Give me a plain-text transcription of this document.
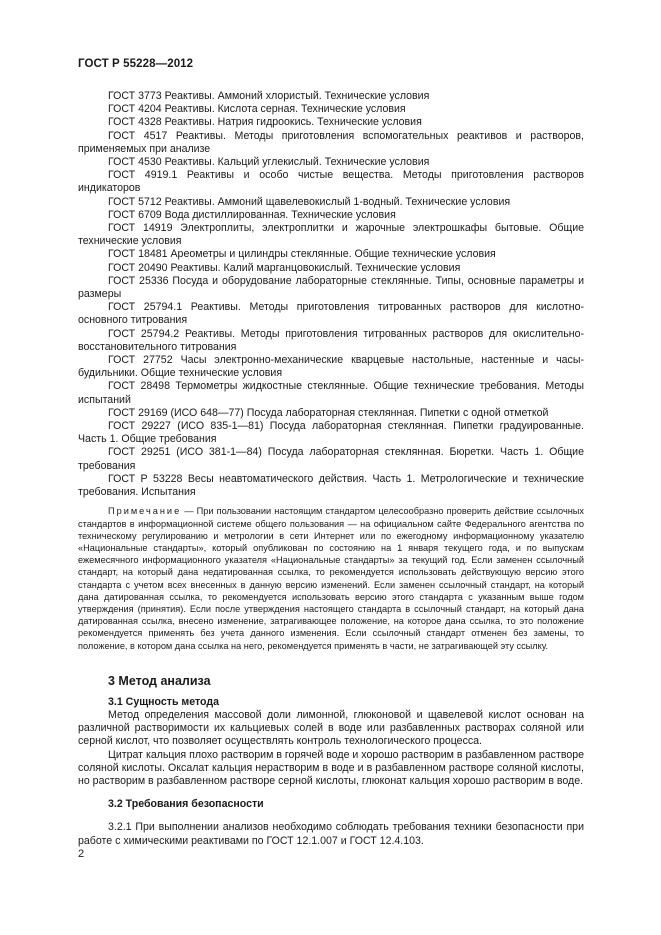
ГОСТ Р 55228—2012

ГОСТ 3773 Реактивы. Аммоний хлористый. Технические условия

ГОСТ 4204 Реактивы. Кислота серная. Технические условия

ГОСТ 4328 Реактивы. Натрия гидроокись. Технические условия

ГОСТ 4517 Реактивы. Методы приготовления вспомогательных реактивов и растворов, применяемых при анализе

ГОСТ 4530 Реактивы. Кальций углекислый. Технические условия

ГОСТ 4919.1 Реактивы и особо чистые вещества. Методы приготовления растворов индикаторов

ГОСТ 5712 Реактивы. Аммоний щавелевокислый 1-водный. Технические условия

ГОСТ 6709 Вода дистиллированная. Технические условия

ГОСТ 14919 Электроплиты, электроплитки и жарочные электрошкафы бытовые. Общие технические условия

ГОСТ 18481 Ареометры и цилиндры стеклянные. Общие технические условия

ГОСТ 20490 Реактивы. Калий марганцовокислый. Технические условия

ГОСТ 25336 Посуда и оборудование лабораторные стеклянные. Типы, основные параметры и размеры

ГОСТ 25794.1 Реактивы. Методы приготовления титрованных растворов для кислотно-основного титрования

ГОСТ 25794.2 Реактивы. Методы приготовления титрованных растворов для окислительно-восстановительного титрования

ГОСТ 27752 Часы электронно-механические кварцевые настольные, настенные и часы-будильники. Общие технические условия

ГОСТ 28498 Термометры жидкостные стеклянные. Общие технические требования. Методы испытаний

ГОСТ 29169 (ИСО 648—77) Посуда лабораторная стеклянная. Пипетки с одной отметкой

ГОСТ 29227 (ИСО 835-1—81) Посуда лабораторная стеклянная. Пипетки градуированные. Часть 1. Общие требования

ГОСТ 29251 (ИСО 381-1—84) Посуда лабораторная стеклянная. Бюретки. Часть 1. Общие требования

ГОСТ Р 53228 Весы неавтоматического действия. Часть 1. Метрологические и технические требования. Испытания

Примечание — При пользовании настоящим стандартом целесообразно проверить действие ссылочных стандартов в информационной системе общего пользования — на официальном сайте Федерального агентства по техническому регулированию и метрологии в сети Интернет или по ежегодному информационному указателю «Национальные стандарты», который опубликован по состоянию на 1 января текущего года, и по выпускам ежемесячного информационного указателя «Национальные стандарты» за текущий год. Если заменен ссылочный стандарт, на который дана недатированная ссылка, то рекомендуется использовать действующую версию этого стандарта с учетом всех внесенных в данную версию изменений. Если заменен ссылочный стандарт, на который дана датированная ссылка, то рекомендуется использовать версию этого стандарта с указанным выше годом утверждения (принятия). Если после утверждения настоящего стандарта в ссылочный стандарт, на который дана датированная ссылка, внесено изменение, затрагивающее положение, на которое дана ссылка, то это положение рекомендуется применять без учета данного изменения. Если ссылочный стандарт отменен без замены, то положение, в котором дана ссылка на него, рекомендуется применять в части, не затрагивающей эту ссылку.

3 Метод анализа
3.1 Сущность метода

Метод определения массовой доли лимонной, глюконовой и щавелевой кислот основан на различной растворимости их кальциевых солей в воде или разбавленных растворах соляной или серной кислот, что позволяет осуществлять контроль технологического процесса.

Цитрат кальция плохо растворим в горячей воде и хорошо растворим в разбавленном растворе соляной кислоты. Оксалат кальция нерастворим в воде и в разбавленном растворе соляной кислоты, но растворим в разбавленном растворе серной кислоты, глюконат кальция хорошо растворим в воде.

3.2 Требования безопасности

3.2.1 При выполнении анализов необходимо соблюдать требования техники безопасности при работе с химическими реактивами по ГОСТ 12.1.007 и ГОСТ 12.4.103.

2
